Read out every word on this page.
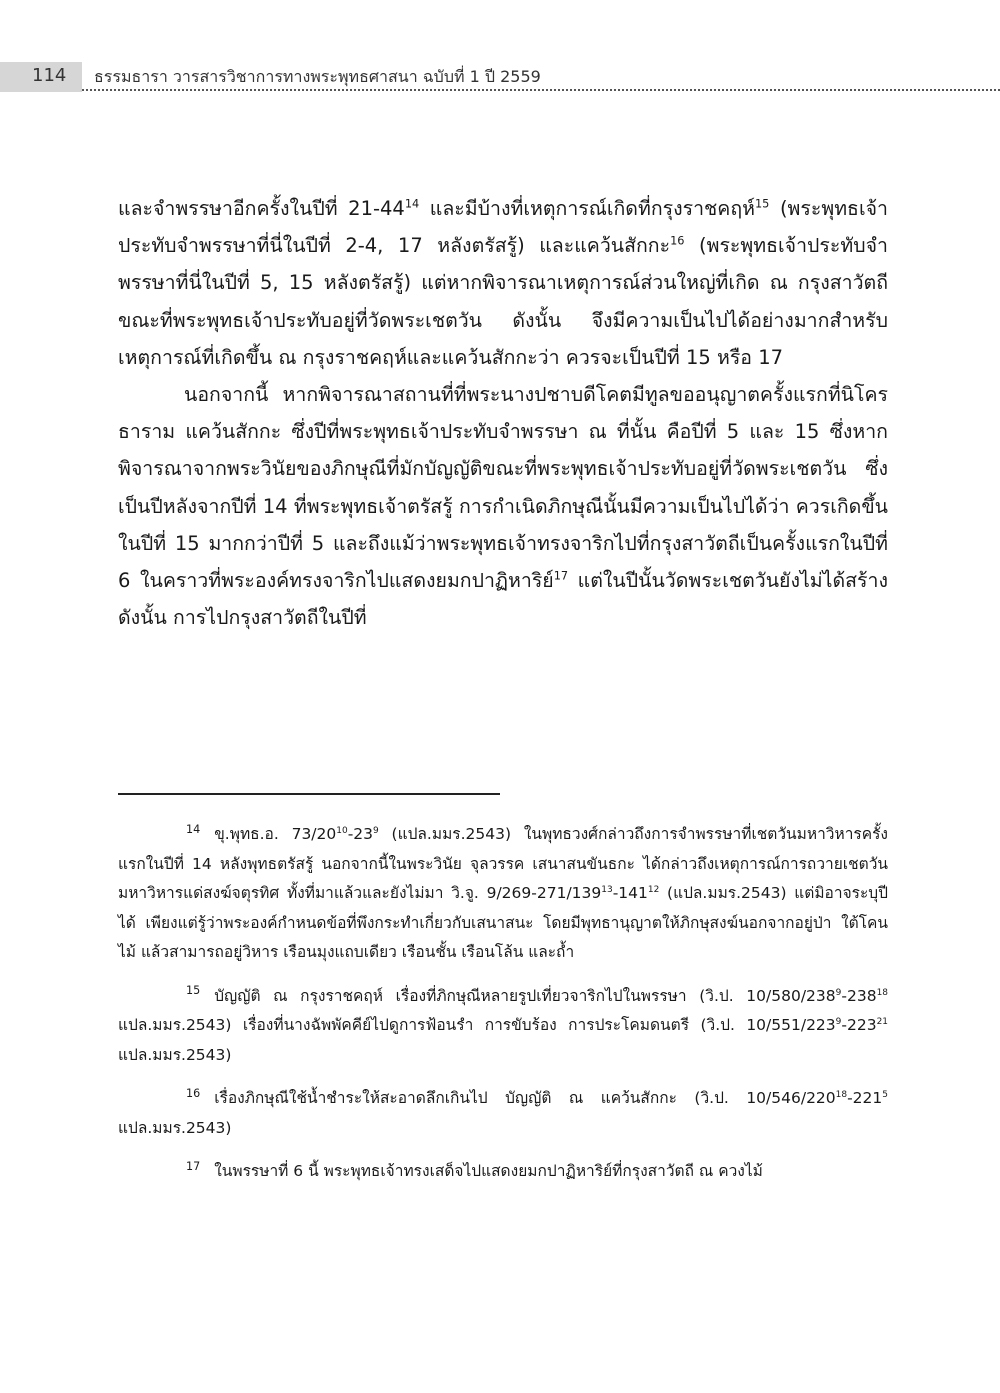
114 ธรรมธารา วารสารวิชาการทางพระพุทธศาสนา ฉบับที่ 1 ปี 2559

และจำพรรษาอีกครั้งในปีที่ $21-44^{14}$ และมีบ้างที่เหตุการณ์เกิดที่กรุงราชคฤห์$^{15}$ (พระพุทธเจ้าประทับจำพรรษาที่นี่ในปีที่ 2-4, 17 หลังตรัสรู้) และแคว้นสักกะ$^{16}$ (พระพุทธเจ้าประทับจำพรรษาที่นี่ในปีที่ 5, 15 หลังตรัสรู้) แต่หากพิจารณาเหตุการณ์ส่วนใหญ่ที่เกิด ณ กรุงสาวัตถี ขณะที่พระพุทธเจ้าประทับอยู่ที่วัดพระเชตวัน ดังนั้น จึงมีความเป็นไปได้อย่างมากสำหรับเหตุการณ์ที่เกิดขึ้น ณ กรุงราชคฤห์และแคว้นสักกะว่า ควรจะเป็นปีที่ 15 หรือ 17

นอกจากนี้ หากพิจารณาสถานที่ที่พระนางปชาบดีโคตมีทูลขออนุญาตครั้งแรกที่นิโครธาราม แคว้นสักกะ ซึ่งปีที่พระพุทธเจ้าประทับจำพรรษา ณ ที่นั้น คือปีที่ 5 และ 15 ซึ่งหากพิจารณาจากพระวินัยของภิกษุณีที่มักบัญญัติขณะที่พระพุทธเจ้าประทับอยู่ที่วัดพระเชตวัน ซึ่งเป็นปีหลังจากปีที่ 14 ที่พระพุทธเจ้าตรัสรู้ การกำเนิดภิกษุณีนั้นมีความเป็นไปได้ว่า ควรเกิดขึ้นในปีที่ 15 มากกว่าปีที่ 5 และถึงแม้ว่าพระพุทธเจ้าทรงจาริกไปที่กรุงสาวัตถีเป็นครั้งแรกในปีที่ 6 ในคราวที่พระองค์ทรงจาริกไปแสดงยมกปาฏิหาริย์$^{17}$ แต่ในปีนั้นวัดพระเชตวันยังไม่ได้สร้าง ดังนั้น การไปกรุงสาวัตถีในปีที่

$^{14}$ ขุ.พุทธ.อ. $73/20^{10}-23^9$ (แปล.มมร.2543) ในพุทธวงศ์กล่าวถึงการจำพรรษาที่เชตวันมหาวิหารครั้งแรกในปีที่ 14 หลังพุทธตรัสรู้ นอกจากนี้ในพระวินัย จุลวรรค เสนาสนขันธกะ ได้กล่าวถึงเหตุการณ์การถวายเชตวันมหาวิหารแด่สงฆ์จตุรทิศ ทั้งที่มาแล้วและยังไม่มา วิ.จู. $9/269-271/139^{13}-141^{12}$ (แปล.มมร.2543) แต่มิอาจระบุปีได้ เพียงแต่รู้ว่าพระองค์กำหนดข้อที่พึงกระทำเกี่ยวกับเสนาสนะ โดยมีพุทธานุญาตให้ภิกษุสงฆ์นอกจากอยู่ป่า ใต้โคนไม้ แล้วสามารถอยู่วิหาร เรือนมุงแถบเดียว เรือนชั้น เรือนโล้น และถ้ำ

$^{15}$ บัญญัติ ณ กรุงราชคฤห์ เรื่องที่ภิกษุณีหลายรูปเที่ยวจาริกไปในพรรษา (วิ.ป. $10/580/238^9-238^{18}$ แปล.มมร.2543) เรื่องที่นางฉัพพัคคีย์ไปดูการฟ้อนรำ การขับร้อง การประโคมดนตรี (วิ.ป. $10/551/223^9-223^{21}$ แปล.มมร.2543)

$^{16}$ เรื่องภิกษุณีใช้น้ำชำระให้สะอาดลึกเกินไป บัญญัติ ณ แคว้นสักกะ (วิ.ป. $10/546/220^{18}-221^5$ แปล.มมร.2543)

$^{17}$ ในพรรษาที่ 6 นี้ พระพุทธเจ้าทรงเสด็จไปแสดงยมกปาฏิหาริย์ที่กรุงสาวัตถี ณ ควงไม้
